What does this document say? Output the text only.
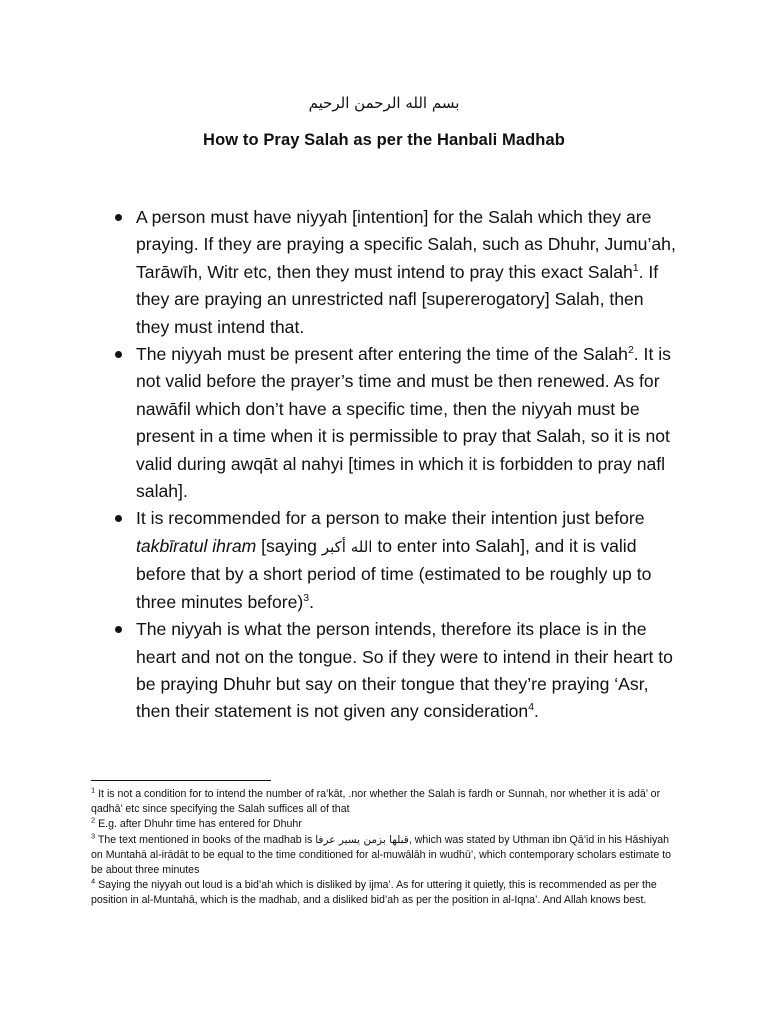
بسم الله الرحمن الرحيم
How to Pray Salah as per the Hanbali Madhab
A person must have niyyah [intention] for the Salah which they are praying. If they are praying a specific Salah, such as Dhuhr, Jumu’ah, Tarāwīh, Witr etc, then they must intend to pray this exact Salah$^1$. If they are praying an unrestricted nafl [supererogatory] Salah, then they must intend that.
The niyyah must be present after entering the time of the Salah$^2$. It is not valid before the prayer’s time and must be then renewed. As for nawāfil which don’t have a specific time, then the niyyah must be present in a time when it is permissible to pray that Salah, so it is not valid during awqāt al nahyi [times in which it is forbidden to pray nafl salah].
It is recommended for a person to make their intention just before takbīratul ihram [saying الله أكبر to enter into Salah], and it is valid before that by a short period of time (estimated to be roughly up to three minutes before)$^3$.
The niyyah is what the person intends, therefore its place is in the heart and not on the tongue. So if they were to intend in their heart to be praying Dhuhr but say on their tongue that they’re praying ‘Asr, then their statement is not given any consideration$^4$.

$^1$ It is not a condition for to intend the number of ra’kāt, .nor whether the Salah is fardh or Sunnah, nor whether it is adā’ or qadhā’ etc since specifying the Salah suffices all of that

$^2$ E.g. after Dhuhr time has entered for Dhuhr

$^3$ The text mentioned in books of the madhab is قبلها بزمن يسير عرفا, which was stated by Uthman ibn Qā’id in his Hāshiyah on Muntahā al-irādāt to be equal to the time conditioned for al-muwālāh in wudhū’, which contemporary scholars estimate to be about three minutes

$^4$ Saying the niyyah out loud is a bid’ah which is disliked by ijma’. As for uttering it quietly, this is recommended as per the position in al-Muntahā, which is the madhab, and a disliked bid’ah as per the position in al-Iqna’. And Allah knows best.
